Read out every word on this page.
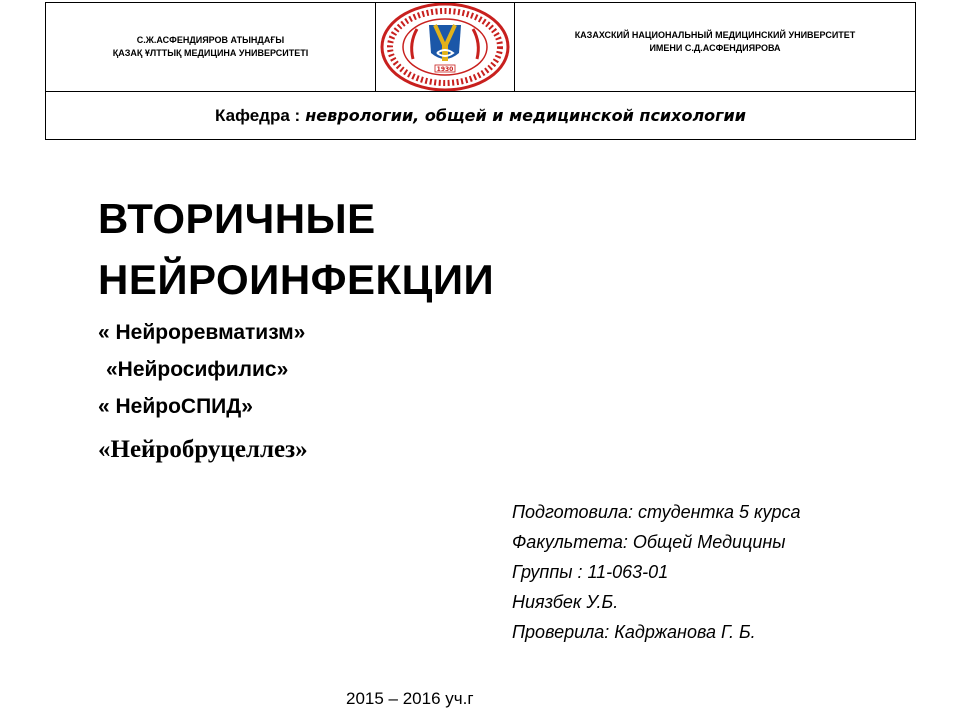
С.Ж.АСФЕНДИЯРОВ АТЫНДАҒЫ
ҚАЗАҚ ҰЛТТЫҚ МЕДИЦИНА УНИВЕРСИТЕТІ
1930
КАЗАХСКИЙ НАЦИОНАЛЬНЫЙ МЕДИЦИНСКИЙ УНИВЕРСИТЕТ
ИМЕНИ С.Д.АСФЕНДИЯРОВА
Кафедра : неврологии, общей и медицинской психологии
ВТОРИЧНЫЕ
НЕЙРОИНФЕКЦИИ
« Нейроревматизм»
«Нейросифилис»
« НейроСПИД»
«Нейробруцеллез»
Подготовила: студентка 5 курса
Факультета: Общей Медицины
Группы : 11-063-01
Ниязбек У.Б.
Проверила: Кадржанова Г. Б.
2015 – 2016 уч.г
